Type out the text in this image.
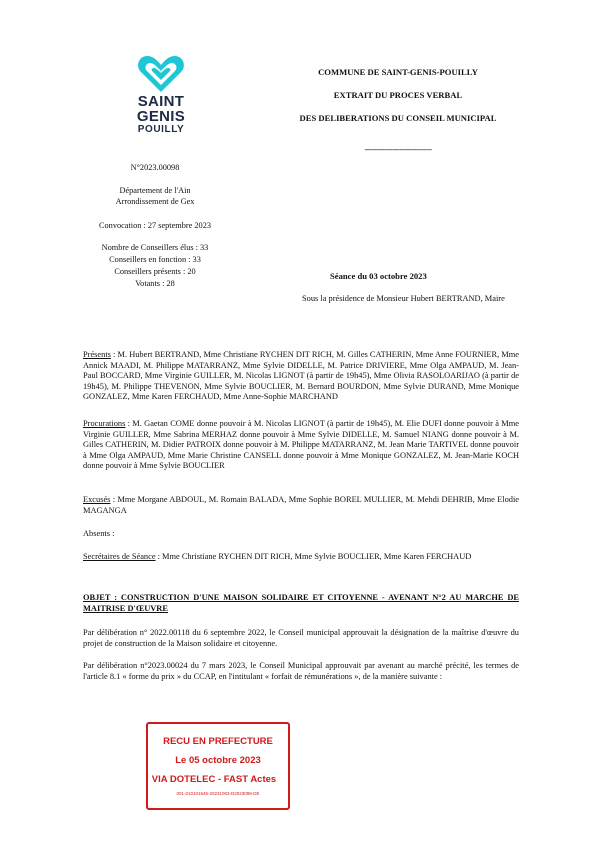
SAINT
GENIS
POUILLY
COMMUNE DE SAINT-GENIS-POUILLY
EXTRAIT DU PROCES VERBAL
DES DELIBERATIONS DU CONSEIL MUNICIPAL
-------------------------------
N°2023.00098
Département de l'Ain
Arrondissement de Gex
Convocation : 27 septembre 2023
Nombre de Conseillers élus : 33
Conseillers en fonction : 33
Conseillers présents : 20
Votants : 28
Séance du 03 octobre 2023
Sous la présidence de Monsieur Hubert BERTRAND, Maire
Présents : M. Hubert BERTRAND, Mme Christiane RYCHEN DIT RICH, M. Gilles CATHERIN, Mme Anne FOURNIER, Mme Annick MAADI, M. Philippe MATARRANZ, Mme Sylvie DIDELLE, M. Patrice DRIVIERE, Mme Olga AMPAUD, M. Jean-Paul BOCCARD, Mme Virginie GUILLER, M. Nicolas LIGNOT (à partir de 19h45), Mme Olivia RASOLOARIJAO (à partir de 19h45), M. Philippe THEVENON, Mme Sylvie BOUCLIER, M. Bernard BOURDON, Mme Sylvie DURAND, Mme Monique GONZALEZ, Mme Karen FERCHAUD, Mme Anne-Sophie MARCHAND
Procurations : M. Gaetan COME donne pouvoir à M. Nicolas LIGNOT (à partir de 19h45), M. Elie DUFI donne pouvoir à Mme Virginie GUILLER, Mme Sabrina MERHAZ donne pouvoir à Mme Sylvie DIDELLE, M. Samuel NIANG donne pouvoir à M. Gilles CATHERIN, M. Didier PATROIX donne pouvoir à M. Philippe MATARRANZ, M. Jean Marie TARTIVEL donne pouvoir à Mme Olga AMPAUD, Mme Marie Christine CANSELL donne pouvoir à Mme Monique GONZALEZ, M. Jean-Marie KOCH donne pouvoir à Mme Sylvie BOUCLIER
Excusés : Mme Morgane ABDOUL, M. Romain BALADA, Mme Sophie BOREL MULLIER, M. Mehdi DEHRIB, Mme Elodie MAGANGA
Absents :
Secrétaires de Séance : Mme Christiane RYCHEN DIT RICH, Mme Sylvie BOUCLIER, Mme Karen FERCHAUD
OBJET : CONSTRUCTION D'UNE MAISON SOLIDAIRE ET CITOYENNE - AVENANT N°2 AU MARCHE DE MAITRISE D'ŒUVRE
Par délibération n° 2022.00118 du 6 septembre 2022, le Conseil municipal approuvait la désignation de la maîtrise d'œuvre du projet de construction de la Maison solidaire et citoyenne.
Par délibération n°2023.00024 du 7 mars 2023, le Conseil Municipal approuvait par avenant au marché précité, les termes de l'article 8.1 « forme du prix » du CCAP, en l'intitulant « forfait de rémunérations », de la manière suivante :
RECU EN PREFECTURE
Le 05 octobre 2023
VIA DOTELEC - FAST Actes
001-210101645-20231003-D2023098-DE
